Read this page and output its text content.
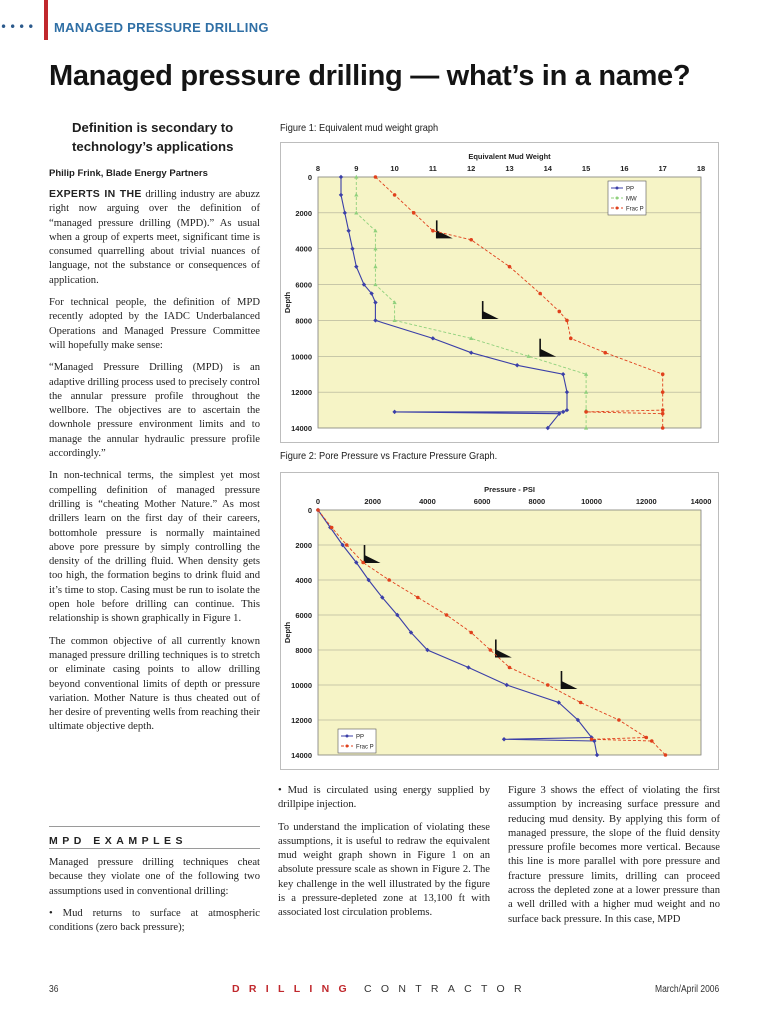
•••• MANAGED PRESSURE DRILLING
Managed pressure drilling — what’s in a name?
Definition is secondary to technology’s applications
Philip Frink, Blade Energy Partners

EXPERTS IN THE drilling industry are abuzz right now arguing over the definition of “managed pressure drilling (MPD).” As usual when a group of experts meet, significant time is consumed quarrelling about trivial nuances of language, not the substance or consequences of application.

For technical people, the definition of MPD recently adopted by the IADC Underbalanced Operations and Managed Pressure Committee will hopefully make sense:

“Managed Pressure Drilling (MPD) is an adaptive drilling process used to precisely control the annular pressure profile throughout the wellbore. The objectives are to ascertain the downhole pressure environment limits and to manage the annular hydraulic pressure profile accordingly.”

In non-technical terms, the simplest yet most compelling definition of managed pressure drilling is “cheating Mother Nature.” As most drillers learn on the first day of their careers, bottomhole pressure is normally maintained above pore pressure by simply controlling the density of the drilling fluid. When density gets too high, the formation begins to drink fluid and it’s time to stop. Casing must be run to isolate the open hole before drilling can continue. This relationship is shown graphically in Figure 1.

The common objective of all currently known managed pressure drilling techniques is to stretch or eliminate casing points to allow drilling beyond conventional limits of depth or pressure variation. Mother Nature is thus cheated out of her desire of preventing wells from reaching their ultimate objective depth.

MPD EXAMPLES

Managed pressure drilling techniques cheat because they violate one of the following two assumptions used in conventional drilling:

• Mud returns to surface at atmospheric conditions (zero back pressure);

Figure 1: Equivalent mud weight graph
0
2000
4000
6000
8000
10000
12000
14000
8	9	10	11	12	13	14	15	16	17	18
Equivalent Mud Weight
Depth
PP
MW
Frac P
Figure 2: Pore Pressure vs Fracture Pressure Graph.
0
2000
4000
6000
8000
10000
12000
14000
0	2000	4000	6000	8000	10000	12000	14000
Pressure - PSI
Depth
PP
Frac P

• Mud is circulated using energy supplied by drillpipe injection.

To understand the implication of violating these assumptions, it is useful to redraw the equivalent mud weight graph shown in Figure 1 on an absolute pressure scale as shown in Figure 2. The key challenge in the well illustrated by the figure is a pressure-depleted zone at 13,100 ft with associated lost circulation problems.

Figure 3 shows the effect of violating the first assumption by increasing surface pressure and reducing mud density. By applying this form of managed pressure, the slope of the fluid density pressure profile becomes more vertical. Because this line is more parallel with pore pressure and fracture pressure limits, drilling can proceed across the depleted zone at a lower pressure than a well drilled with a higher mud weight and no surface back pressure. In this case, MPD

36	DRILLING CONTRACTOR	March/April 2006
